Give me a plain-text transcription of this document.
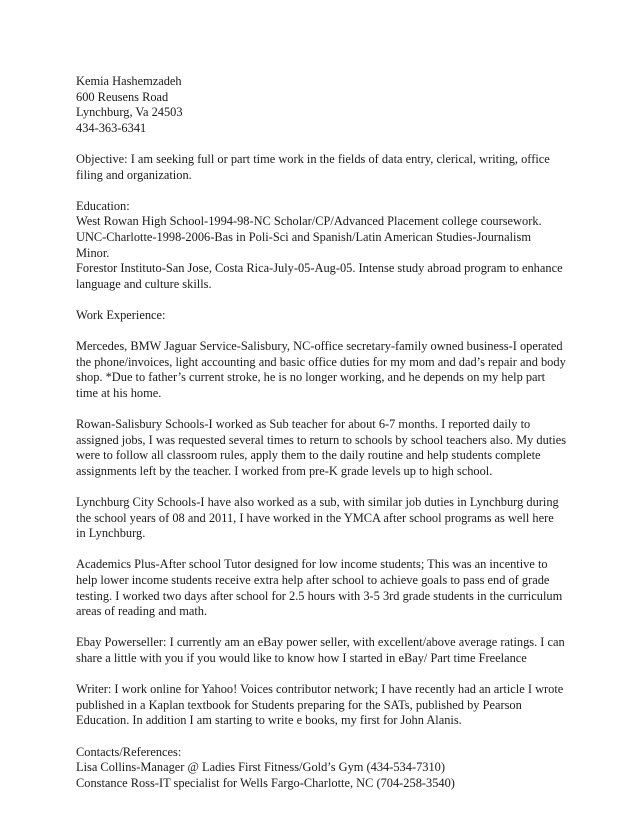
Kemia Hashemzadeh
600 Reusens Road
Lynchburg, Va 24503
434-363-6341
Objective: I am seeking full or part time work in the fields of data entry, clerical, writing, office filing and organization.
Education:
West Rowan High School-1994-98-NC Scholar/CP/Advanced Placement college coursework.
UNC-Charlotte-1998-2006-Bas in Poli-Sci and Spanish/Latin American Studies-Journalism Minor.
Forestor Instituto-San Jose, Costa Rica-July-05-Aug-05. Intense study abroad program to enhance language and culture skills.
Work Experience:
Mercedes, BMW Jaguar Service-Salisbury, NC-office secretary-family owned business-I operated the phone/invoices, light accounting and basic office duties for my mom and dad’s repair and body shop. *Due to father’s current stroke, he is no longer working, and he depends on my help part time at his home.
Rowan-Salisbury Schools-I worked as Sub teacher for about 6-7 months. I reported daily to assigned jobs, I was requested several times to return to schools by school teachers also. My duties were to follow all classroom rules, apply them to the daily routine and help students complete assignments left by the teacher. I worked from pre-K grade levels up to high school.
Lynchburg City Schools-I have also worked as a sub, with similar job duties in Lynchburg during the school years of 08 and 2011, I have worked in the YMCA after school programs as well here in Lynchburg.
Academics Plus-After school Tutor designed for low income students; This was an incentive to help lower income students receive extra help after school to achieve goals to pass end of grade testing. I worked two days after school for 2.5 hours with 3-5 3rd grade students in the curriculum areas of reading and math.
Ebay Powerseller: I currently am an eBay power seller, with excellent/above average ratings. I can share a little with you if you would like to know how I started in eBay/ Part time Freelance
Writer: I work online for Yahoo! Voices contributor network; I have recently had an article I wrote published in a Kaplan textbook for Students preparing for the SATs, published by Pearson Education. In addition I am starting to write e books, my first for John Alanis.
Contacts/References:
Lisa Collins-Manager @ Ladies First Fitness/Gold’s Gym (434-534-7310)
Constance Ross-IT specialist for Wells Fargo-Charlotte, NC (704-258-3540)
